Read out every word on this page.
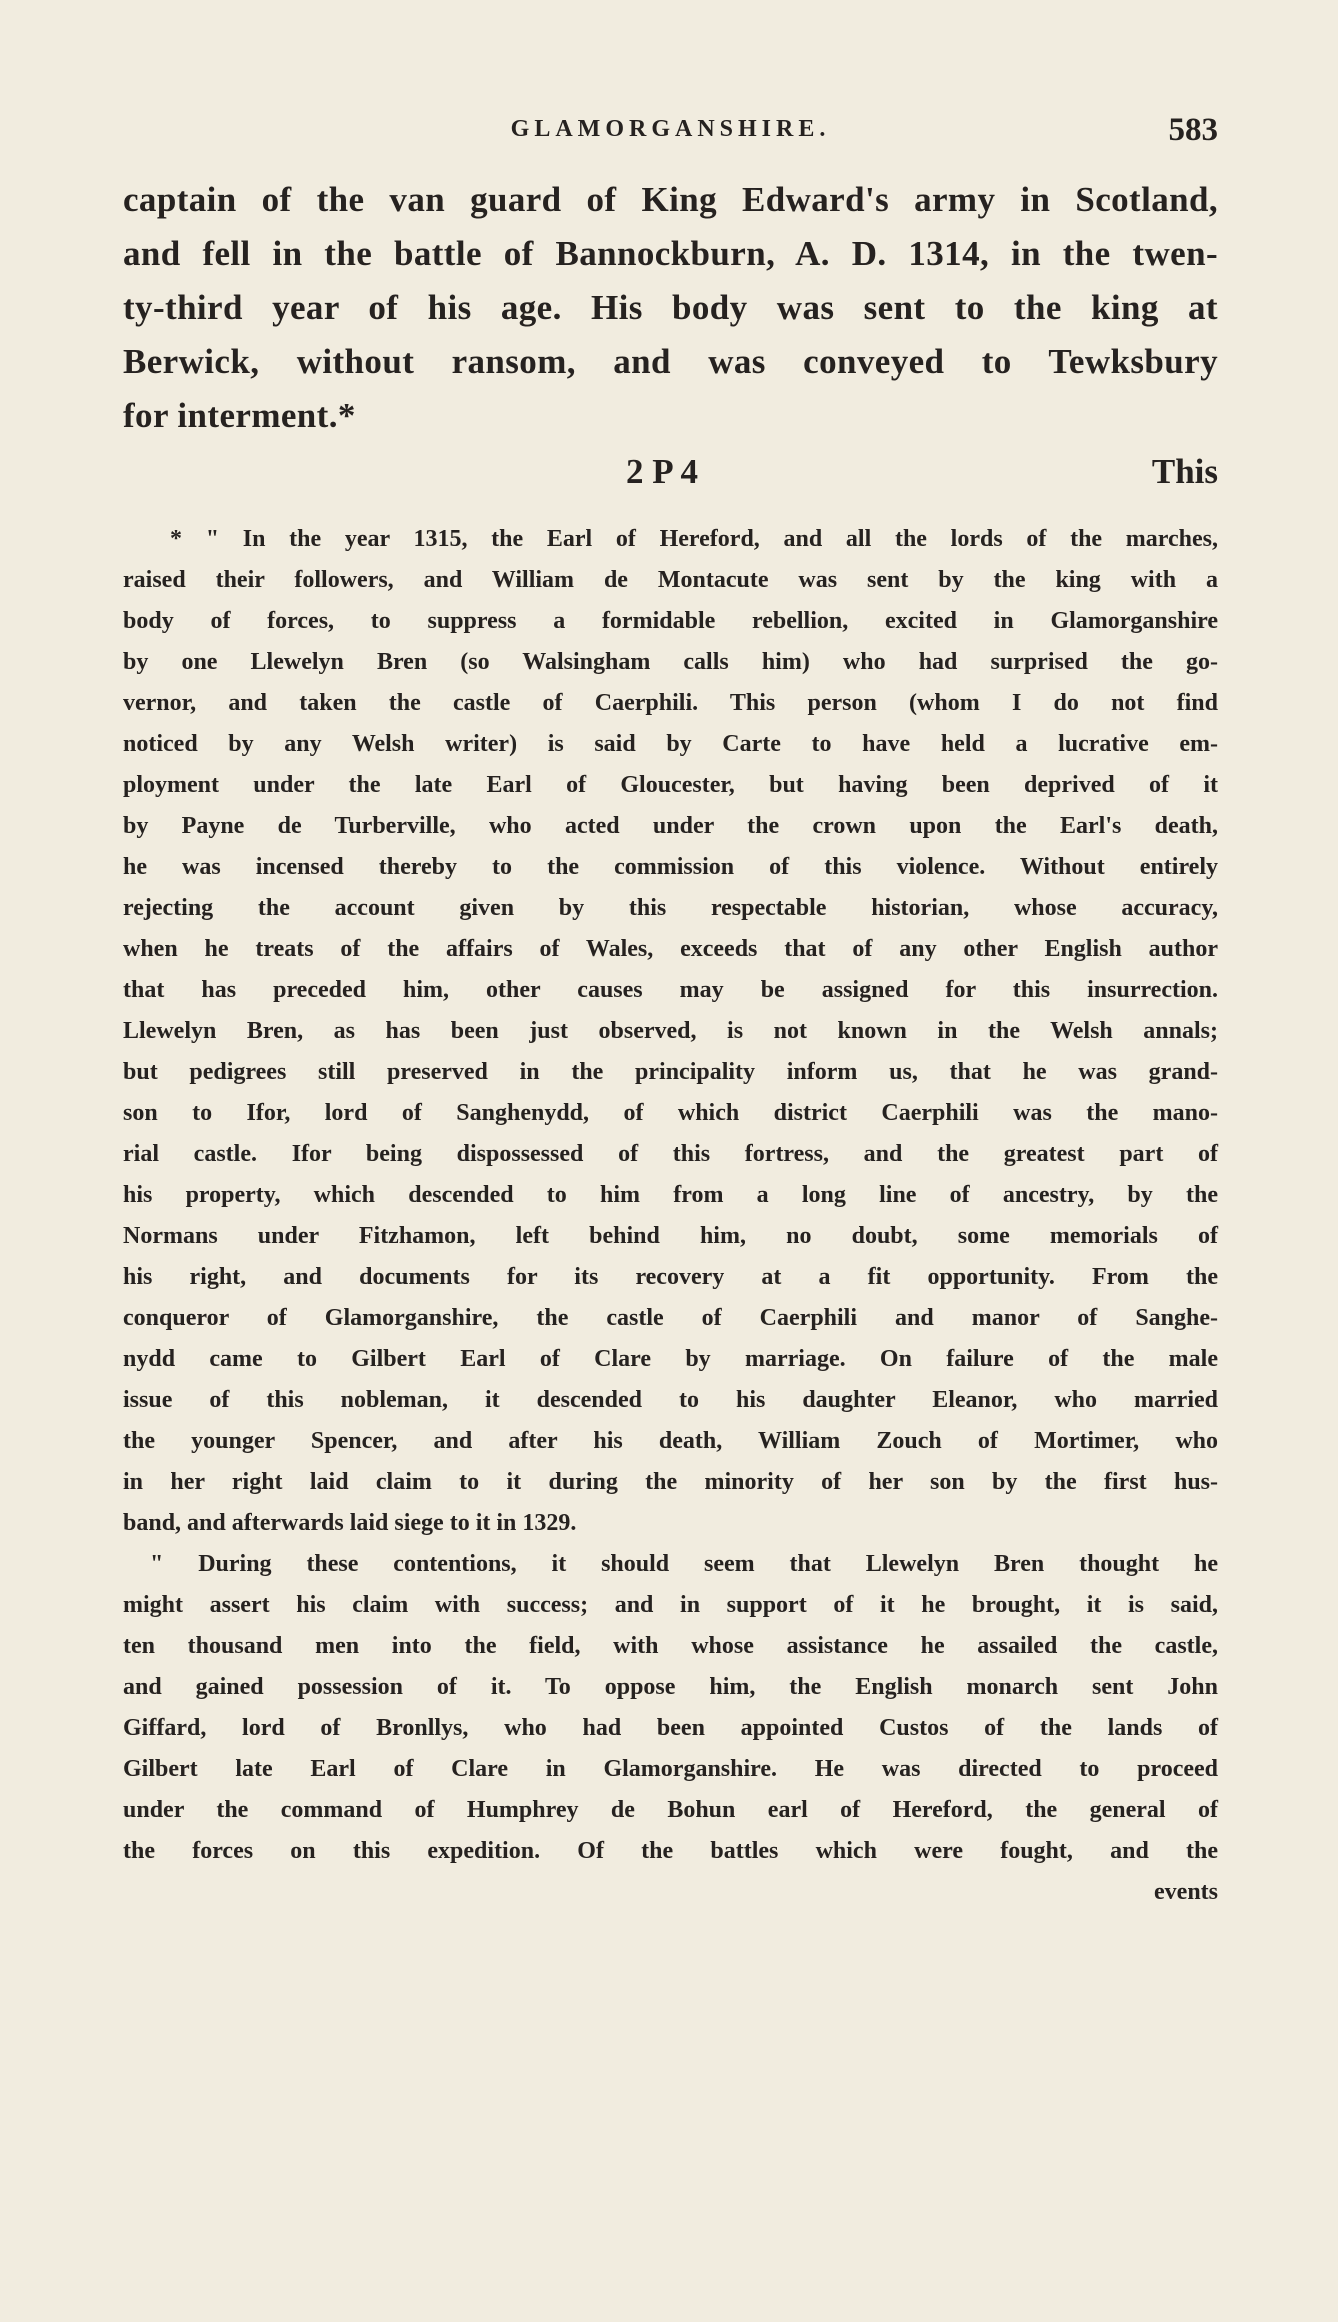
GLAMORGANSHIRE.	583
captain of the van guard of King Edward's army in Scotland,
and fell in the battle of Bannockburn, A. D. 1314, in the twen-
ty-third year of his age. His body was sent to the king at
Berwick, without ransom, and was conveyed to Tewksbury
for interment.*
2 P 4	This
* " In the year 1315, the Earl of Hereford, and all the lords of the marches,
raised their followers, and William de Montacute was sent by the king with a
body of forces, to suppress a formidable rebellion, excited in Glamorganshire
by one Llewelyn Bren (so Walsingham calls him) who had surprised the go-
vernor, and taken the castle of Caerphili. This person (whom I do not find
noticed by any Welsh writer) is said by Carte to have held a lucrative em-
ployment under the late Earl of Gloucester, but having been deprived of it
by Payne de Turberville, who acted under the crown upon the Earl's death,
he was incensed thereby to the commission of this violence. Without entirely
rejecting the account given by this respectable historian, whose accuracy,
when he treats of the affairs of Wales, exceeds that of any other English author
that has preceded him, other causes may be assigned for this insurrection.
Llewelyn Bren, as has been just observed, is not known in the Welsh annals;
but pedigrees still preserved in the principality inform us, that he was grand-
son to Ifor, lord of Sanghenydd, of which district Caerphili was the mano-
rial castle. Ifor being dispossessed of this fortress, and the greatest part of
his property, which descended to him from a long line of ancestry, by the
Normans under Fitzhamon, left behind him, no doubt, some memorials of
his right, and documents for its recovery at a fit opportunity. From the
conqueror of Glamorganshire, the castle of Caerphili and manor of Sanghe-
nydd came to Gilbert Earl of Clare by marriage. On failure of the male
issue of this nobleman, it descended to his daughter Eleanor, who married
the younger Spencer, and after his death, William Zouch of Mortimer, who
in her right laid claim to it during the minority of her son by the first hus-
band, and afterwards laid siege to it in 1329.
" During these contentions, it should seem that Llewelyn Bren thought he
might assert his claim with success; and in support of it he brought, it is said,
ten thousand men into the field, with whose assistance he assailed the castle,
and gained possession of it. To oppose him, the English monarch sent John
Giffard, lord of Bronllys, who had been appointed Custos of the lands of
Gilbert late Earl of Clare in Glamorganshire. He was directed to proceed
under the command of Humphrey de Bohun earl of Hereford, the general of
the forces on this expedition. Of the battles which were fought, and the
events
